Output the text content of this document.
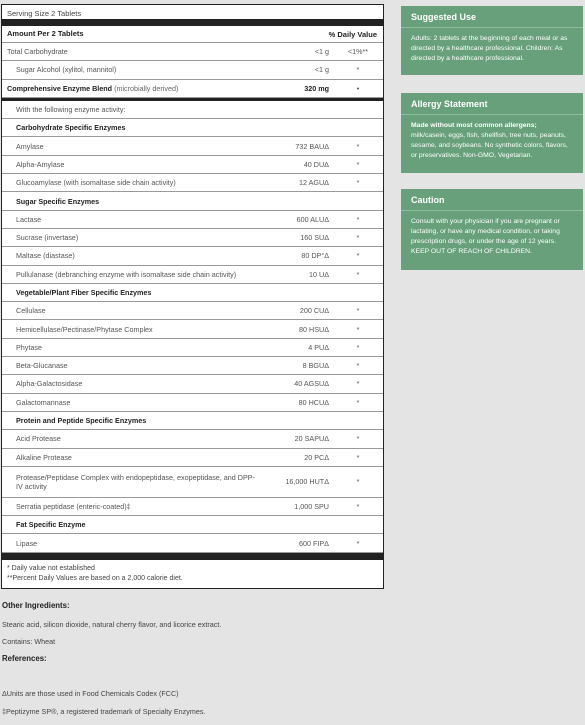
Serving Size 2 Tablets
Amount Per 2 Tablets	% Daily Value
Total Carbohydrate	<1 g	<1%**
Sugar Alcohol (xylitol, mannitol)	<1 g	*
Comprehensive Enzyme Blend (microbially derived)	320 mg	•
With the following enzyme activity:
Carbohydrate Specific Enzymes
Amylase	732 BAUΔ	*
Alpha-Amylase	40 DUΔ	*
Glucoamylase (with isomaltase side chain activity)	12 AGUΔ	*
Sugar Specific Enzymes
Lactase	600 ALUΔ	*
Sucrase (invertase)	160 SUΔ	*
Maltase (diastase)	80 DP°Δ	*
Pullulanase (debranching enzyme with isomaltase side chain activity)	10 UΔ	*
Vegetable/Plant Fiber Specific Enzymes
Cellulase	200 CUΔ	*
Hemicellulase/Pectinase/Phytase Complex	80 HSUΔ	*
Phytase	4 PUΔ	*
Beta-Glucanase	8 BGUΔ	*
Alpha-Galactosidase	40 AGSUΔ	*
Galactomannase	80 HCUΔ	*
Protein and Peptide Specific Enzymes
Acid Protease	20 SAPUΔ	*
Alkaline Protease	20 PCΔ	*
Protease/Peptidase Complex with endopeptidase, exopeptidase, and DPP- IV activity	16,000 HUTΔ	*
Serratia peptidase (enteric-coated)‡	1,000 SPU	*
Fat Specific Enzyme
Lipase	600 FIPΔ	*
* Daily value not established
**Percent Daily Values are based on a 2,000 calorie diet.
Suggested Use
Adults: 2 tablets at the beginning of each meal or as directed by a healthcare professional. Children: As directed by a healthcare professional.
Allergy Statement
Made without most common allergens; milk/casein, eggs, fish, shellfish, tree nuts, peanuts, sesame, and soybeans. No synthetic colors, flavors, or preservatives. Non-GMO, Vegetarian.
Caution
Consult with your physician if you are pregnant or lactating, or have any medical condition, or taking prescription drugs, or under the age of 12 years. KEEP OUT OF REACH OF CHILDREN.
Other Ingredients:
Stearic acid, silicon dioxide, natural cherry flavor, and licorice extract.
Contains: Wheat
References:
ΔUnits are those used in Food Chemicals Codex (FCC)
‡Peptizyme SP®, a registered trademark of Specialty Enzymes.
